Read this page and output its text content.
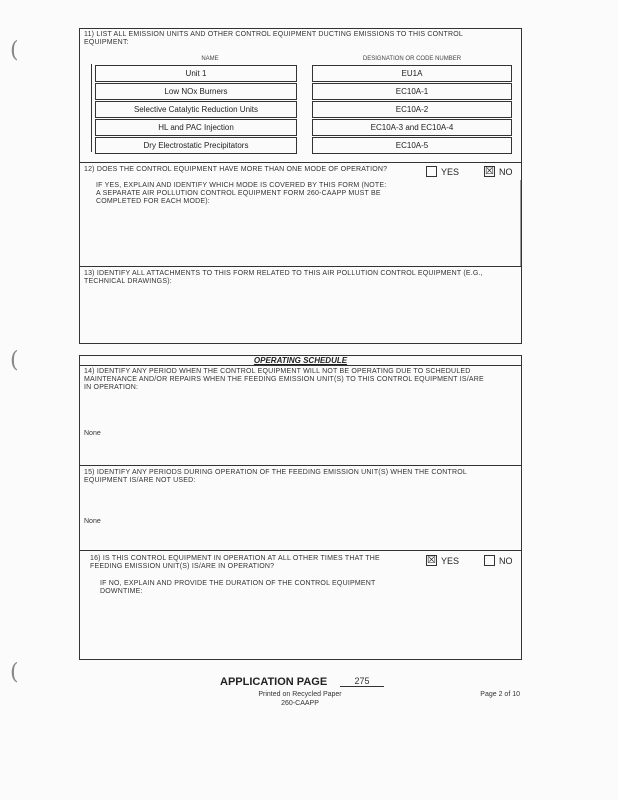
(
(
(
11) LIST ALL EMISSION UNITS AND OTHER CONTROL EQUIPMENT DUCTING EMISSIONS TO THIS CONTROL
EQUIPMENT:
NAME	DESIGNATION OR CODE NUMBER
Unit 1	EU1A
Low NOx Burners	EC10A-1
Selective Catalytic Reduction Units	EC10A-2
HL and PAC Injection	EC10A-3 and EC10A-4
Dry Electrostatic Precipitators	EC10A-5
12) DOES THE CONTROL EQUIPMENT HAVE MORE THAN ONE MODE OF OPERATION?	YES	☒ NO
IF YES, EXPLAIN AND IDENTIFY WHICH MODE IS COVERED BY THIS FORM (NOTE:
A SEPARATE AIR POLLUTION CONTROL EQUIPMENT FORM 260-CAAPP MUST BE
COMPLETED FOR EACH MODE):
13) IDENTIFY ALL ATTACHMENTS TO THIS FORM RELATED TO THIS AIR POLLUTION CONTROL EQUIPMENT (E.G.,
TECHNICAL DRAWINGS):
OPERATING SCHEDULE
14) IDENTIFY ANY PERIOD WHEN THE CONTROL EQUIPMENT WILL NOT BE OPERATING DUE TO SCHEDULED
MAINTENANCE AND/OR REPAIRS WHEN THE FEEDING EMISSION UNIT(S) TO THIS CONTROL EQUIPMENT IS/ARE
IN OPERATION:
None
15) IDENTIFY ANY PERIODS DURING OPERATION OF THE FEEDING EMISSION UNIT(S) WHEN THE CONTROL
EQUIPMENT IS/ARE NOT USED:
None
16) IS THIS CONTROL EQUIPMENT IN OPERATION AT ALL OTHER TIMES THAT THE
FEEDING EMISSION UNIT(S) IS/ARE IN OPERATION?
☒ YES	NO
IF NO, EXPLAIN AND PROVIDE THE DURATION OF THE CONTROL EQUIPMENT
DOWNTIME:
APPLICATION PAGE	275
Printed on Recycled Paper
260-CAAPP
Page 2 of 10
